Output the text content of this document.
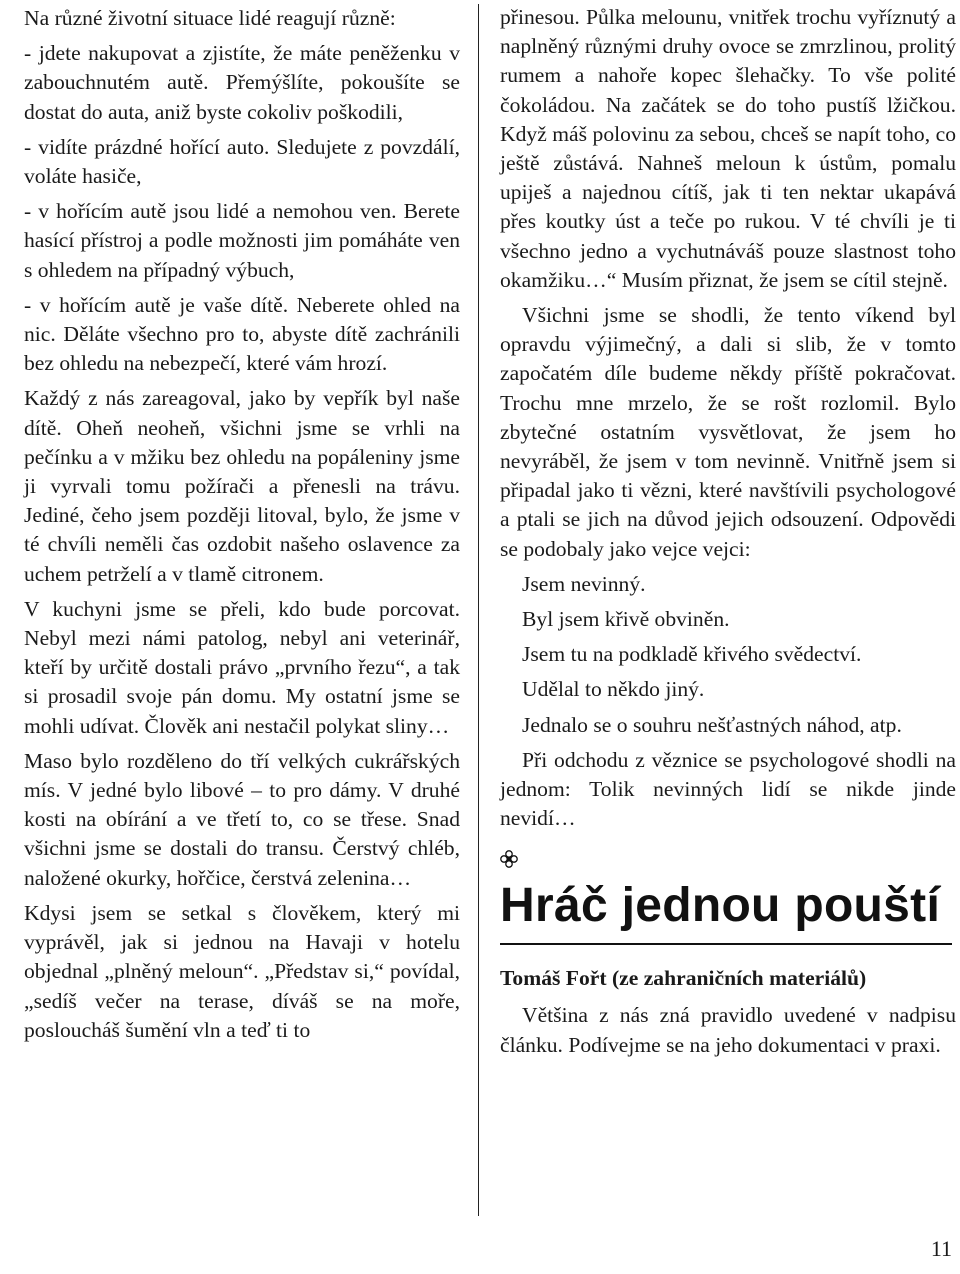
Na různé životní situace lidé reagují různě:

- jdete nakupovat a zjistíte, že máte peněženku v zabouchnutém autě. Přemýšlíte, pokoušíte se dostat do auta, aniž byste cokoliv poškodili,

- vidíte prázdné hořící auto. Sledujete z povzdálí, voláte hasiče,

- v hořícím autě jsou lidé a nemohou ven. Berete hasící přístroj a podle možnosti jim pomáháte ven s ohledem na případný výbuch,

- v hořícím autě je vaše dítě. Neberete ohled na nic. Děláte všechno pro to, abyste dítě zachránili bez ohledu na nebezpečí, které vám hrozí.

Každý z nás zareagoval, jako by vepřík byl naše dítě. Oheň neoheň, všichni jsme se vrhli na pečínku a v mžiku bez ohledu na popáleniny jsme ji vyrvali tomu požírači a přenesli na trávu. Jediné, čeho jsem později litoval, bylo, že jsme v té chvíli neměli čas ozdobit našeho oslavence za uchem petrželí a v tlamě citronem.

V kuchyni jsme se přeli, kdo bude porcovat. Nebyl mezi námi patolog, nebyl ani veterinář, kteří by určitě dostali právo „prvního řezu“, a tak si prosadil svoje pán domu. My ostatní jsme se mohli udívat. Člověk ani nestačil polykat sliny…

Maso bylo rozděleno do tří velkých cukrářských mís. V jedné bylo libové – to pro dámy. V druhé kosti na obírání a ve třetí to, co se třese. Snad všichni jsme se dostali do transu. Čerstvý chléb, naložené okurky, hořčice, čerstvá zelenina…

Kdysi jsem se setkal s člověkem, který mi vyprávěl, jak si jednou na Havaji v hotelu objednal „plněný meloun“. „Představ si,“ povídal, „sedíš večer na terase, díváš se na moře, posloucháš šumění vln a teď ti to

přinesou. Půlka melounu, vnitřek trochu vyříznutý a naplněný různými druhy ovoce se zmrzlinou, prolitý rumem a nahoře kopec šlehačky. To vše polité čokoládou. Na začátek se do toho pustíš lžičkou. Když máš polovinu za sebou, chceš se napít toho, co ještě zůstává. Nahneš meloun k ústům, pomalu upiješ a najednou cítíš, jak ti ten nektar ukapává přes koutky úst a teče po rukou. V té chvíli je ti všechno jedno a vychutnáváš pouze slastnost toho okamžiku…“ Musím přiznat, že jsem se cítil stejně.

Všichni jsme se shodli, že tento víkend byl opravdu výjimečný, a dali si slib, že v tomto započatém díle budeme někdy příště pokračovat. Trochu mne mrzelo, že se rošt rozlomil. Bylo zbytečné ostatním vysvětlovat, že jsem ho nevyráběl, že jsem v tom nevinně. Vnitřně jsem si připadal jako ti vězni, které navštívili psychologové a ptali se jich na důvod jejich odsouzení. Odpovědi se podobaly jako vejce vejci:

Jsem nevinný.

Byl jsem křivě obviněn.

Jsem tu na podkladě křivého svědectví.

Udělal to někdo jiný.

Jednalo se o souhru nešťastných náhod, atp.

Při odchodu z věznice se psychologové shodli na jednom: Tolik nevinných lidí se nikde jinde nevidí…

Hráč jednou pouští
Tomáš Fořt (ze zahraničních materiálů)

Většina z nás zná pravidlo uvedené v nadpisu článku. Podívejme se na jeho dokumentaci v praxi.

11
